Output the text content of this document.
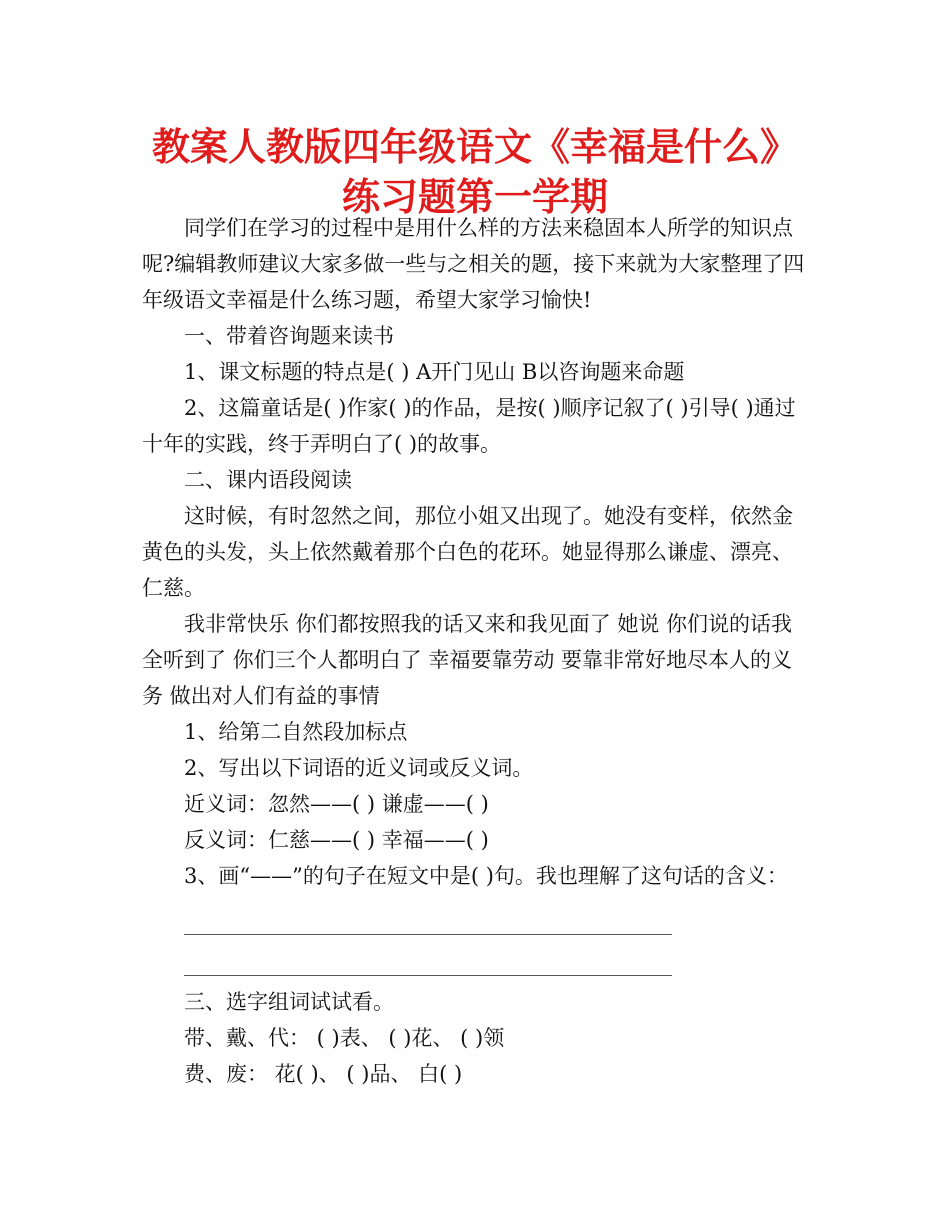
教案人教版四年级语文《幸福是什么》练习题第一学期

同学们在学习的过程中是用什么样的方法来稳固本人所学的知识点呢?编辑教师建议大家多做一些与之相关的题，接下来就为大家整理了四年级语文幸福是什么练习题，希望大家学习愉快!

一、带着咨询题来读书

1、课文标题的特点是( ) A开门见山 B以咨询题来命题

2、这篇童话是( )作家( )的作品，是按( )顺序记叙了( )引导( )通过十年的实践，终于弄明白了( )的故事。

二、课内语段阅读

这时候，有时忽然之间，那位小姐又出现了。她没有变样，依然金黄色的头发，头上依然戴着那个白色的花环。她显得那么谦虚、漂亮、仁慈。

我非常快乐 你们都按照我的话又来和我见面了 她说 你们说的话我全听到了 你们三个人都明白了 幸福要靠劳动 要靠非常好地尽本人的义务 做出对人们有益的事情

1、给第二自然段加标点

2、写出以下词语的近义词或反义词。

近义词：忽然——( ) 谦虚——( )

反义词：仁慈——( ) 幸福——( )

3、画“——”的句子在短文中是( )句。我也理解了这句话的含义：

三、选字组词试试看。

带、戴、代： ( )表、 ( )花、 ( )领

费、废： 花( )、 ( )品、 白( )
